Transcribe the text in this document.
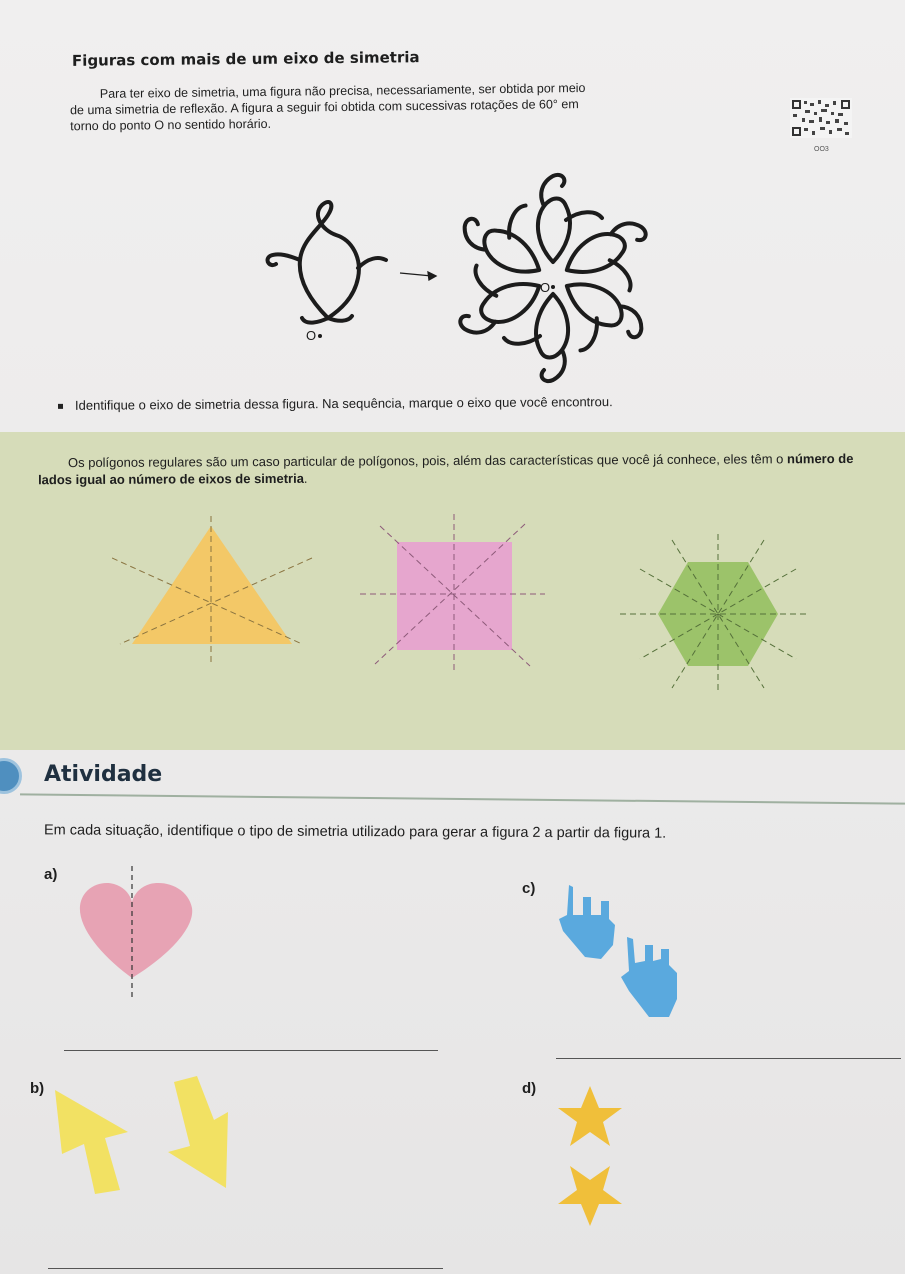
Figuras com mais de um eixo de simetria
Para ter eixo de simetria, uma figura não precisa, necessariamente, ser obtida por meio
de uma simetria de reflexão. A figura a seguir foi obtida com sucessivas rotações de 60° em
torno do ponto O no sentido horário.
OO3
O
O
Identifique o eixo de simetria dessa figura. Na sequência, marque o eixo que você encontrou.
Os polígonos regulares são um caso particular de polígonos, pois, além das características que você já conhece, eles têm o número de lados igual ao número de eixos de simetria.
Atividade
Em cada situação, identifique o tipo de simetria utilizado para gerar a figura 2 a partir da figura 1.
a)
b)
c)
d)
